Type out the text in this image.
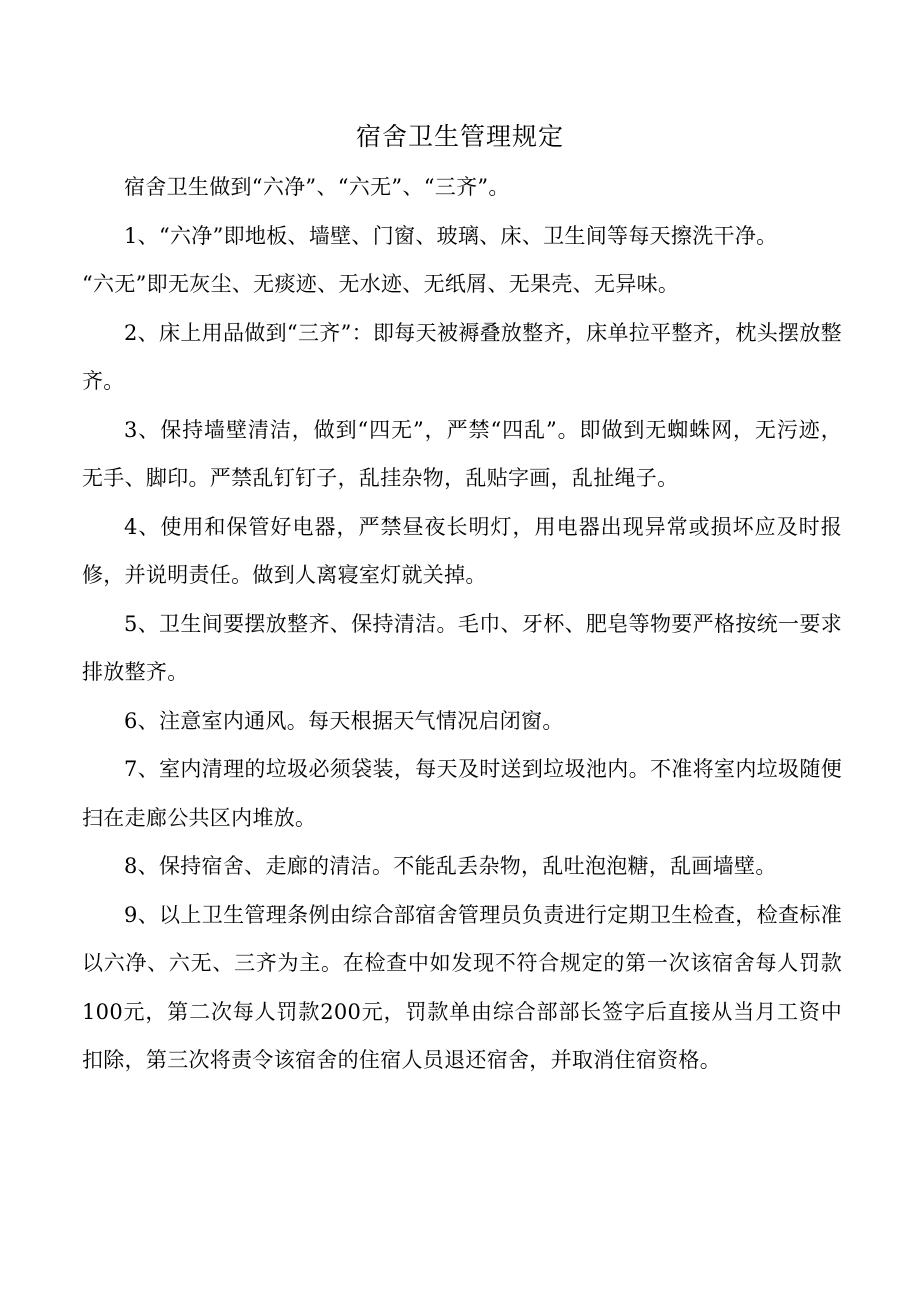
宿舍卫生管理规定

宿舍卫生做到“六净”、“六无”、“三齐”。

1、“六净”即地板、墙壁、门窗、玻璃、床、卫生间等每天擦洗干净。

“六无”即无灰尘、无痰迹、无水迹、无纸屑、无果壳、无异味。

2、床上用品做到“三齐”：即每天被褥叠放整齐，床单拉平整齐，枕头摆放整齐。

3、保持墙壁清洁，做到“四无”，严禁“四乱”。即做到无蜘蛛网，无污迹，无手、脚印。严禁乱钉钉子，乱挂杂物，乱贴字画，乱扯绳子。

4、使用和保管好电器，严禁昼夜长明灯，用电器出现异常或损坏应及时报修，并说明责任。做到人离寝室灯就关掉。

5、卫生间要摆放整齐、保持清洁。毛巾、牙杯、肥皂等物要严格按统一要求排放整齐。

6、注意室内通风。每天根据天气情况启闭窗。

7、室内清理的垃圾必须袋装，每天及时送到垃圾池内。不准将室内垃圾随便扫在走廊公共区内堆放。

8、保持宿舍、走廊的清洁。不能乱丢杂物，乱吐泡泡糖，乱画墙壁。

9、以上卫生管理条例由综合部宿舍管理员负责进行定期卫生检查，检查标准以六净、六无、三齐为主。在检查中如发现不符合规定的第一次该宿舍每人罚款100元，第二次每人罚款200元，罚款单由综合部部长签字后直接从当月工资中扣除，第三次将责令该宿舍的住宿人员退还宿舍，并取消住宿资格。
